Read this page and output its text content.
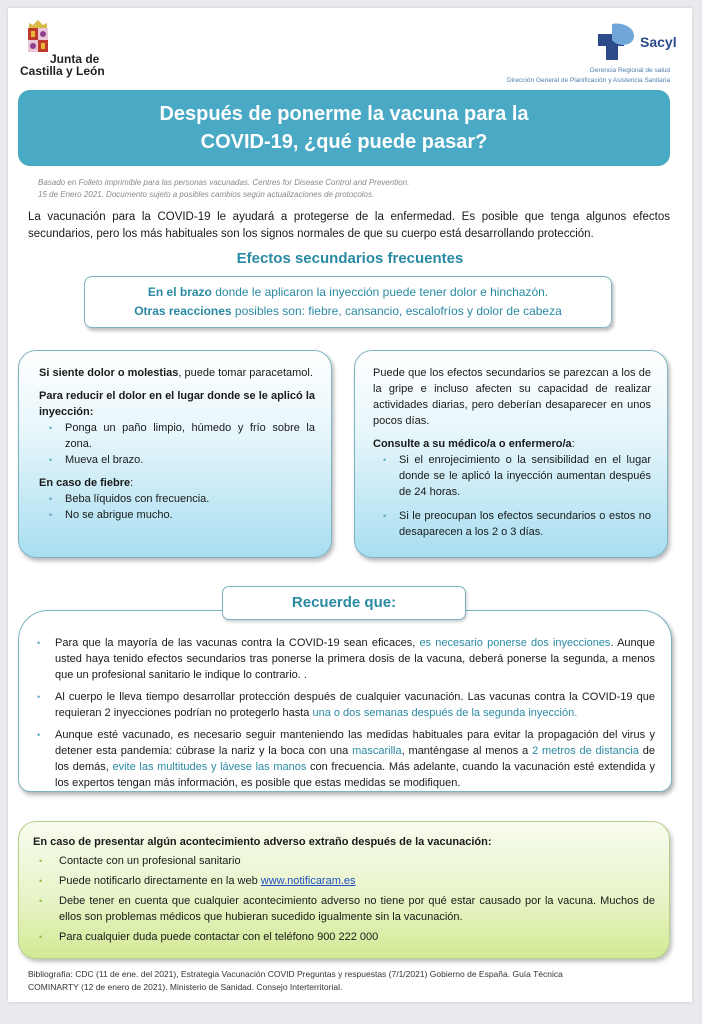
Junta de
Castilla y León
Sacyl
Gerencia Regional de salud
Dirección General de Planificación y Asistencia Sanitaria
Después de ponerme la vacuna para la
COVID-19, ¿qué puede pasar?
Basado en Folleto imprimible para las personas vacunadas. Centres for Disease Control and Prevention.
15 de Enero 2021. Documento sujeto a posibles cambios según actualizaciones de protocolos.
La vacunación para la COVID-19 le ayudará a protegerse de la enfermedad. Es posible que tenga algunos efectos secundarios, pero los más habituales son los signos normales de que su cuerpo está desarrollando protección.
Efectos secundarios frecuentes
En el brazo donde le aplicaron la inyección puede tener dolor e hinchazón.
Otras reacciones posibles son: fiebre, cansancio, escalofríos y dolor de cabeza

Si siente dolor o molestias, puede tomar paracetamol.

Para reducir el dolor en el lugar donde se le aplicó la inyección:

• Ponga un paño limpio, húmedo y frío sobre la zona.
• Mueva el brazo.

En caso de fiebre:

• Beba líquidos con frecuencia.
• No se abrigue mucho.

Puede que los efectos secundarios se parezcan a los de la gripe e incluso afecten su capacidad de realizar actividades diarias, pero deberían desaparecer en unos pocos días.

Consulte a su médico/a o enfermero/a:

• Si el enrojecimiento o la sensibilidad en el lugar donde se le aplicó la inyección aumentan después de 24 horas.
• Si le preocupan los efectos secundarios o estos no desaparecen a los 2 o 3 días.
Recuerde que:
• Para que la mayoría de las vacunas contra la COVID-19 sean eficaces, es necesario ponerse dos inyecciones. Aunque usted haya tenido efectos secundarios tras ponerse la primera dosis de la vacuna, deberá ponerse la segunda, a menos que un profesional sanitario le indique lo contrario. .
• Al cuerpo le lleva tiempo desarrollar protección después de cualquier vacunación. Las vacunas contra la COVID-19 que requieran 2 inyecciones podrían no protegerlo hasta una o dos semanas después de la segunda inyección.
• Aunque esté vacunado, es necesario seguir manteniendo las medidas habituales para evitar la propagación del virus y detener esta pandemia: cúbrase la nariz y la boca con una mascarilla, manténgase al menos a 2 metros de distancia de los demás, evite las multitudes y lávese las manos con frecuencia. Más adelante, cuando la vacunación esté extendida y los expertos tengan más información, es posible que estas medidas se modifiquen.
En caso de presentar algún acontecimiento adverso extraño después de la vacunación:
• Contacte con un profesional sanitario
• Puede notificarlo directamente en la web www.notificaram.es
• Debe tener en cuenta que cualquier acontecimiento adverso no tiene por qué estar causado por la vacuna. Muchos de ellos son problemas médicos que hubieran sucedido igualmente sin la vacunación.
• Para cualquier duda puede contactar con el teléfono 900 222 000
Bibliografía: CDC (11 de ene. del 2021), Estrategia Vacunación COVID Preguntas y respuestas (7/1/2021) Gobierno de España. Guía Técnica
COMINARTY (12 de enero de 2021). Ministerio de Sanidad. Consejo Interterritorial.
